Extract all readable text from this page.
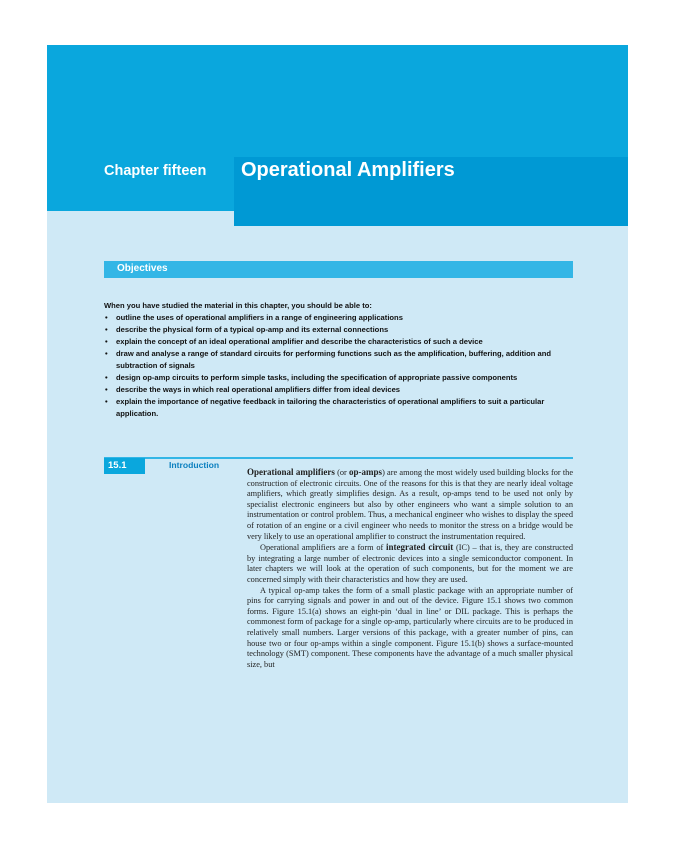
Chapter fifteen Operational Amplifiers
Objectives
When you have studied the material in this chapter, you should be able to:
• outline the uses of operational amplifiers in a range of engineering applications
• describe the physical form of a typical op-amp and its external connections
• explain the concept of an ideal operational amplifier and describe the characteristics of such a device
• draw and analyse a range of standard circuits for performing functions such as the amplification, buffering, addition and subtraction of signals
• design op-amp circuits to perform simple tasks, including the specification of appropriate passive components
• describe the ways in which real operational amplifiers differ from ideal devices
• explain the importance of negative feedback in tailoring the characteristics of operational amplifiers to suit a particular application.
15.1	Introduction

Operational amplifiers (or op-amps) are among the most widely used building blocks for the construction of electronic circuits. One of the reasons for this is that they are nearly ideal voltage amplifiers, which greatly simplifies design. As a result, op-amps tend to be used not only by specialist electronic engineers but also by other engineers who want a simple solution to an instrumentation or control problem. Thus, a mechanical engineer who wishes to display the speed of rotation of an engine or a civil engineer who needs to monitor the stress on a bridge would be very likely to use an operational amplifier to construct the instrumentation required.

Operational amplifiers are a form of integrated circuit (IC) – that is, they are constructed by integrating a large number of electronic devices into a single semiconductor component. In later chapters we will look at the operation of such components, but for the moment we are concerned simply with their characteristics and how they are used.

A typical op-amp takes the form of a small plastic package with an appropriate number of pins for carrying signals and power in and out of the device. Figure 15.1 shows two common forms. Figure 15.1(a) shows an eight-pin ‘dual in line’ or DIL package. This is perhaps the commonest form of package for a single op-amp, particularly where circuits are to be produced in relatively small numbers. Larger versions of this package, with a greater number of pins, can house two or four op-amps within a single component. Figure 15.1(b) shows a surface-mounted technology (SMT) component. These components have the advantage of a much smaller physical size, but
